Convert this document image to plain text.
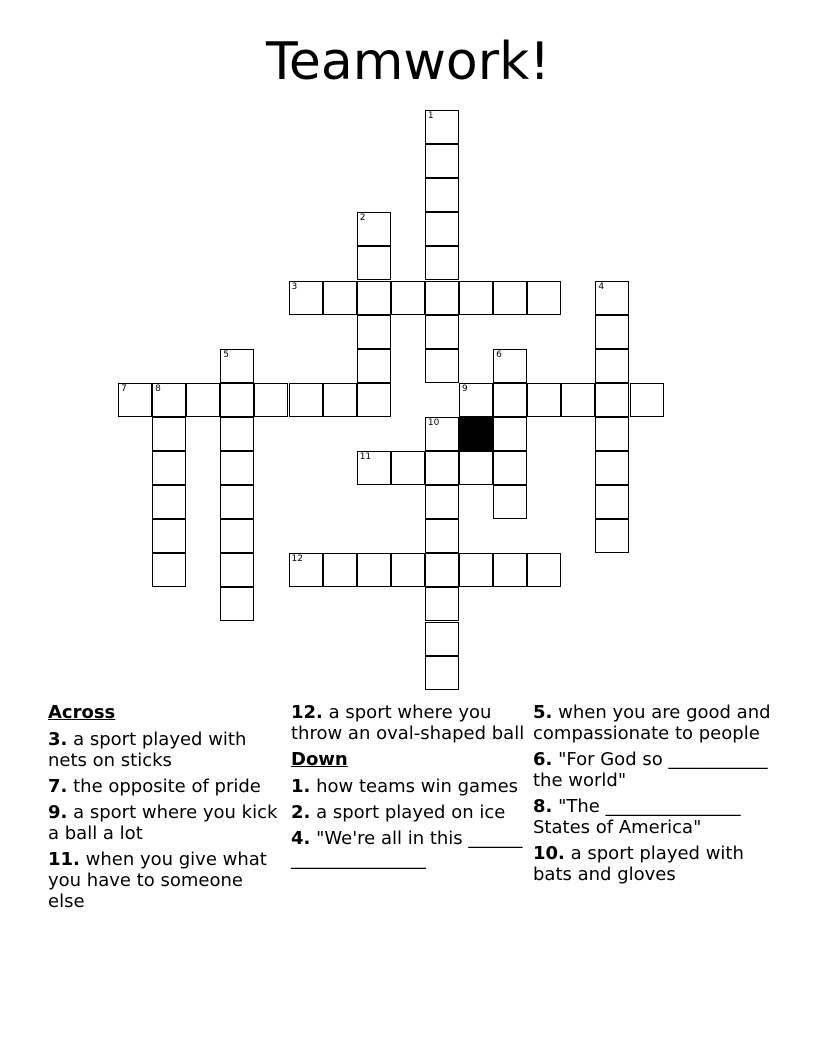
Teamwork!
1
2
3	4
5	6
7	8	9
10
11
12
Across
3. a sport played with nets on sticks
7. the opposite of pride
9. a sport where you kick a ball a lot
11. when you give what you have to someone else
12. a sport where you throw an oval-shaped ball
Down
1. how teams win games
2. a sport played on ice
4. "We're all in this _____________________
5. when you are good and compassionate to people
6. "For God so ___________ the world"
8. "The _______________ States of America"
10. a sport played with bats and gloves
